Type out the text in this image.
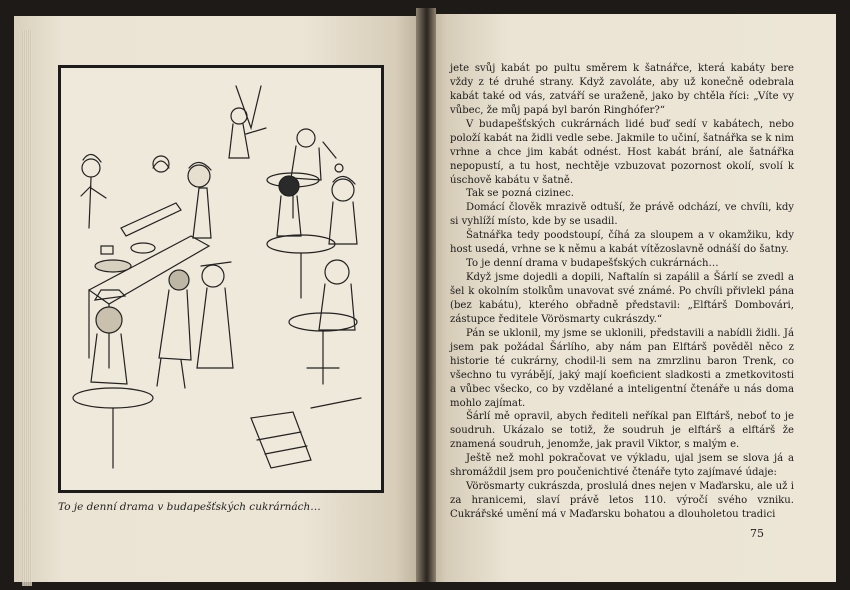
To je denní drama v budapešťských cukrárnách…

jete svůj kabát po pultu směrem k šatnářce, která kabáty bere vždy z té druhé strany. Když zavoláte, aby už konečně odebrala kabát také od vás, zatváří se uraženě, jako by chtěla říci: „Víte vy vůbec, že můj papá byl barón Ringhófer?“

V budapešťských cukrárnách lidé buď sedí v kabátech, nebo položí kabát na židli vedle sebe. Jakmile to učiní, šatnářka se k nim vrhne a chce jim kabát odnést. Host kabát brání, ale šatnářka nepopustí, a tu host, nechtěje vzbuzovat pozornost okolí, svolí k úschově kabátu v šatně.

Tak se pozná cizinec.

Domácí člověk mrazivě odtuší, že právě odchází, ve chvíli, kdy si vyhlíží místo, kde by se usadil.

Šatnářka tedy poodstoupí, číhá za sloupem a v okamžiku, kdy host usedá, vrhne se k němu a kabát vítězoslavně odnáší do šatny.

To je denní drama v budapešťských cukrárnách…

Když jsme dojedli a dopili, Naftalín si zapálil a Šárlí se zvedl a šel k okolním stolkům unavovat své známé. Po chvíli přivlekl pána (bez kabátu), kterého obřadně představil: „Elftárš Dombovári, zástupce ředitele Vörösmarty cukrászdy.“

Pán se uklonil, my jsme se uklonili, představili a nabídli židli. Já jsem pak požádal Šárlího, aby nám pan Elftárš pověděl něco z historie té cukrárny, chodil-li sem na zmrzlinu baron Trenk, co všechno tu vyrábějí, jaký mají koeficient sladkosti a zmetkovitosti a vůbec všecko, co by vzdělané a inteligentní čtenáře u nás doma mohlo zajímat.

Šárlí mě opravil, abych řediteli neříkal pan Elftárš, neboť to je soudruh. Ukázalo se totiž, že soudruh je elftárš a elftárš že znamená soudruh, jenomže, jak pravil Viktor, s malým e.

Ještě než mohl pokračovat ve výkladu, ujal jsem se slova já a shromáždil jsem pro poučenichtivé čtenáře tyto zajímavé údaje:

Vörösmarty cukrászda, proslulá dnes nejen v Maďarsku, ale už i za hranicemi, slaví právě letos 110. výročí svého vzniku. Cukrářské umění má v Maďarsku bohatou a dlouholetou tradici

75
